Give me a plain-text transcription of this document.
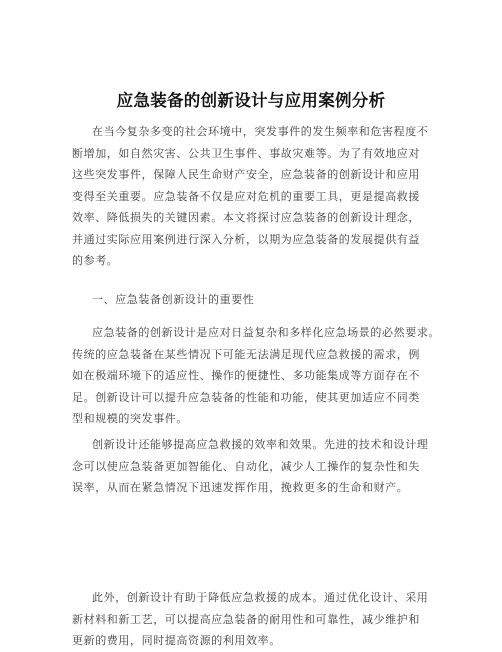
应急装备的创新设计与应用案例分析
在当今复杂多变的社会环境中，突发事件的发生频率和危害程度不
断增加，如自然灾害、公共卫生事件、事故灾难等。为了有效地应对
这些突发事件，保障人民生命财产安全，应急装备的创新设计和应用
变得至关重要。应急装备不仅是应对危机的重要工具，更是提高救援
效率、降低损失的关键因素。本文将探讨应急装备的创新设计理念，
并通过实际应用案例进行深入分析，以期为应急装备的发展提供有益
的参考。
一、应急装备创新设计的重要性
应急装备的创新设计是应对日益复杂和多样化应急场景的必然要求。
传统的应急装备在某些情况下可能无法满足现代应急救援的需求，例
如在极端环境下的适应性、操作的便捷性、多功能集成等方面存在不
足。创新设计可以提升应急装备的性能和功能，使其更加适应不同类
型和规模的突发事件。
创新设计还能够提高应急救援的效率和效果。先进的技术和设计理
念可以使应急装备更加智能化、自动化，减少人工操作的复杂性和失
误率，从而在紧急情况下迅速发挥作用，挽救更多的生命和财产。
此外，创新设计有助于降低应急救援的成本。通过优化设计、采用
新材料和新工艺，可以提高应急装备的耐用性和可靠性，减少维护和
更新的费用，同时提高资源的利用效率。
